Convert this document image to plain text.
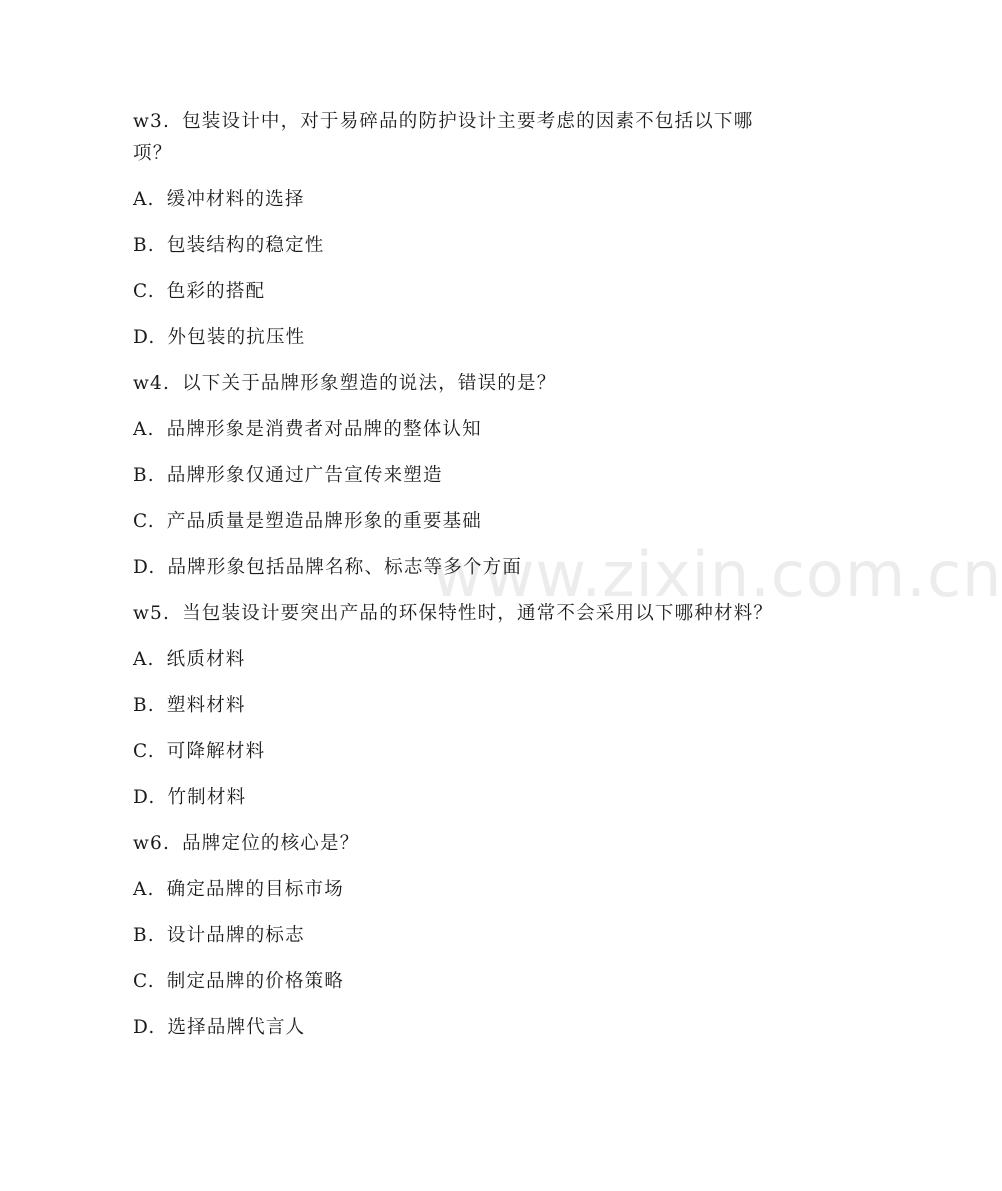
w3. 包装设计中，对于易碎品的防护设计主要考虑的因素不包括以下哪项？
A. 缓冲材料的选择
B. 包装结构的稳定性
C. 色彩的搭配
D. 外包装的抗压性
w4. 以下关于品牌形象塑造的说法，错误的是？
A. 品牌形象是消费者对品牌的整体认知
B. 品牌形象仅通过广告宣传来塑造
C. 产品质量是塑造品牌形象的重要基础
D. 品牌形象包括品牌名称、标志等多个方面
w5. 当包装设计要突出产品的环保特性时，通常不会采用以下哪种材料？
A. 纸质材料
B. 塑料材料
C. 可降解材料
D. 竹制材料
w6. 品牌定位的核心是？
A. 确定品牌的目标市场
B. 设计品牌的标志
C. 制定品牌的价格策略
D. 选择品牌代言人
www.zixin.com.cn
